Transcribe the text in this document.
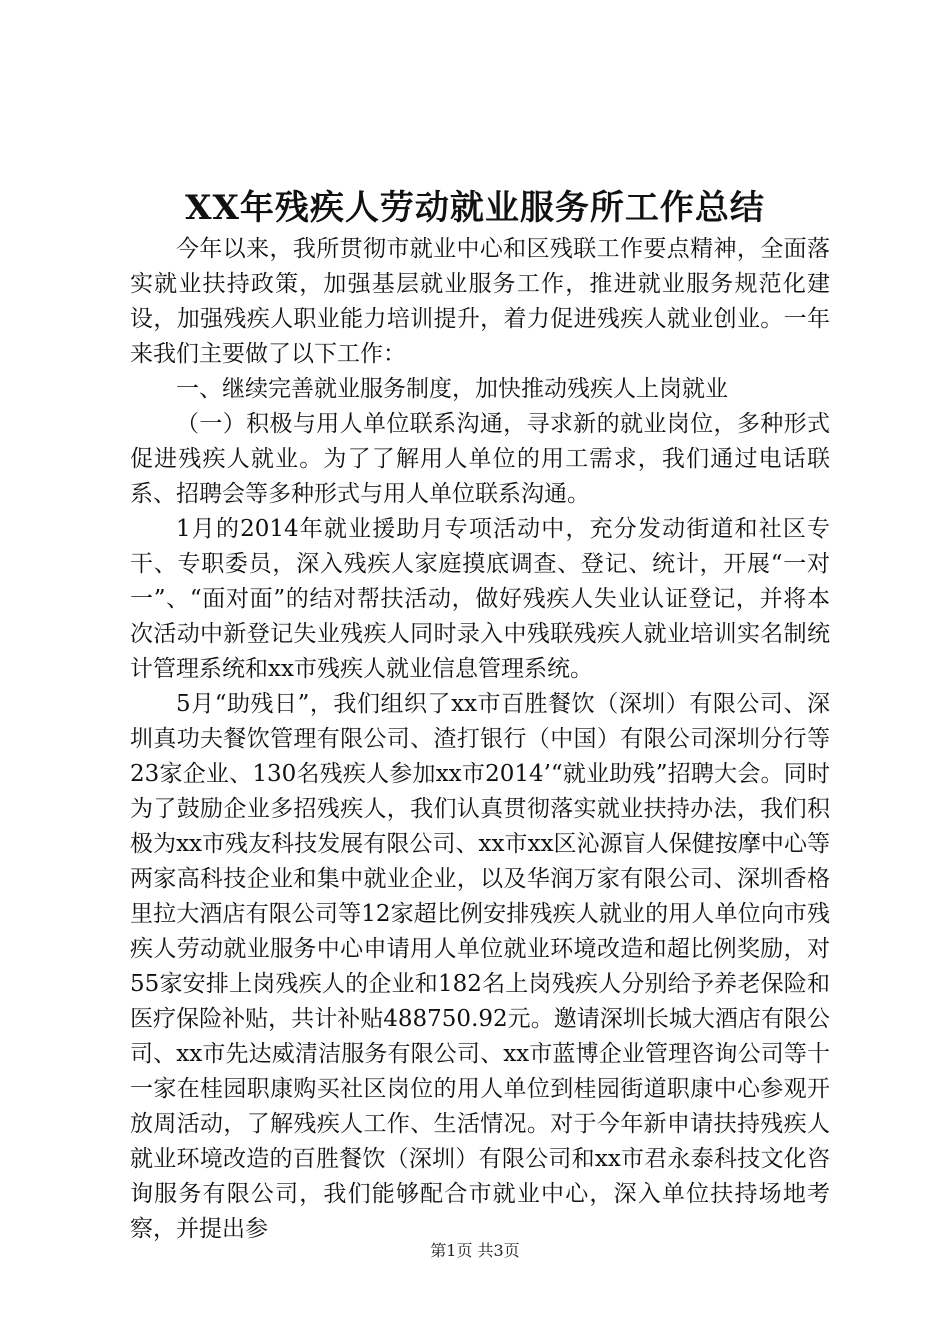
XX年残疾人劳动就业服务所工作总结

今年以来，我所贯彻市就业中心和区残联工作要点精神，全面落实就业扶持政策，加强基层就业服务工作，推进就业服务规范化建设，加强残疾人职业能力培训提升，着力促进残疾人就业创业。一年来我们主要做了以下工作：

一、继续完善就业服务制度，加快推动残疾人上岗就业

（一）积极与用人单位联系沟通，寻求新的就业岗位，多种形式促进残疾人就业。为了了解用人单位的用工需求，我们通过电话联系、招聘会等多种形式与用人单位联系沟通。

1月的2014年就业援助月专项活动中，充分发动街道和社区专干、专职委员，深入残疾人家庭摸底调查、登记、统计，开展“一对一”、“面对面”的结对帮扶活动，做好残疾人失业认证登记，并将本次活动中新登记失业残疾人同时录入中残联残疾人就业培训实名制统计管理系统和xx市残疾人就业信息管理系统。

5月“助残日”，我们组织了xx市百胜餐饮（深圳）有限公司、深圳真功夫餐饮管理有限公司、渣打银行（中国）有限公司深圳分行等23家企业、130名残疾人参加xx市2014’“就业助残”招聘大会。同时为了鼓励企业多招残疾人，我们认真贯彻落实就业扶持办法，我们积极为xx市残友科技发展有限公司、xx市xx区沁源盲人保健按摩中心等两家高科技企业和集中就业企业，以及华润万家有限公司、深圳香格里拉大酒店有限公司等12家超比例安排残疾人就业的用人单位向市残疾人劳动就业服务中心申请用人单位就业环境改造和超比例奖励，对55家安排上岗残疾人的企业和182名上岗残疾人分别给予养老保险和医疗保险补贴，共计补贴488750.92元。邀请深圳长城大酒店有限公司、xx市先达威清洁服务有限公司、xx市蓝博企业管理咨询公司等十一家在桂园职康购买社区岗位的用人单位到桂园街道职康中心参观开放周活动，了解残疾人工作、生活情况。对于今年新申请扶持残疾人就业环境改造的百胜餐饮（深圳）有限公司和xx市君永泰科技文化咨询服务有限公司，我们能够配合市就业中心，深入单位扶持场地考察，并提出参

第1页 共3页
